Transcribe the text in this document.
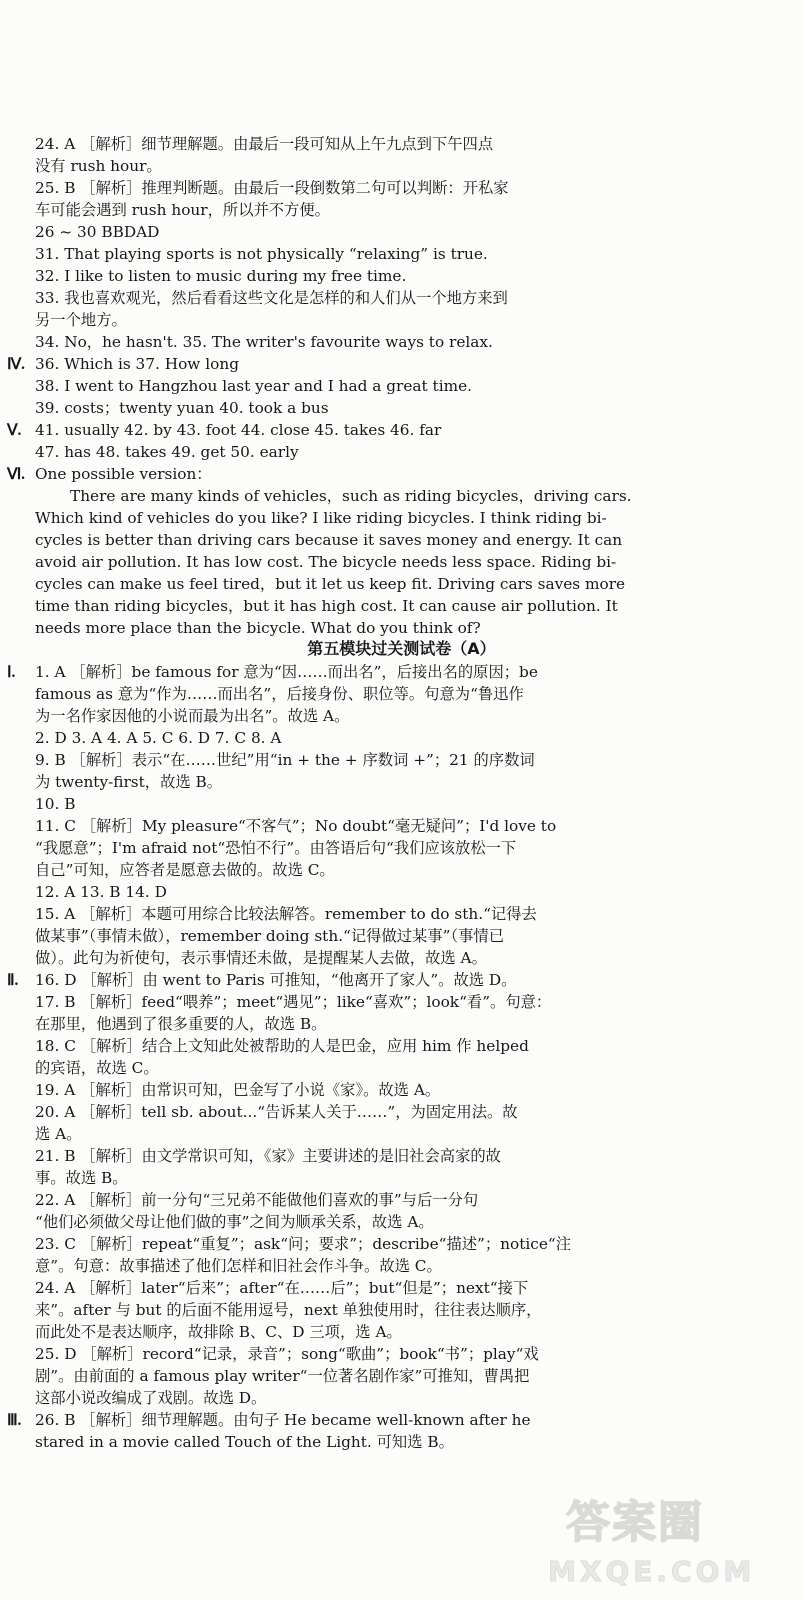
24. A ［解析］细节理解题。由最后一段可知从上午九点到下午四点
没有 rush hour。
25. B ［解析］推理判断题。由最后一段倒数第二句可以判断：开私家
车可能会遇到 rush hour，所以并不方便。
26 ~ 30 BBDAD
31. That playing sports is not physically “relaxing” is true.
32. I like to listen to music during my free time.
33. 我也喜欢观光，然后看看这些文化是怎样的和人们从一个地方来到
另一个地方。
34. No，he hasn't. 35. The writer's favourite ways to relax.
Ⅳ. 36. Which is 37. How long
38. I went to Hangzhou last year and I had a great time.
39. costs；twenty yuan 40. took a bus
Ⅴ. 41. usually 42. by 43. foot 44. close 45. takes 46. far
47. has 48. takes 49. get 50. early
Ⅵ. One possible version：
There are many kinds of vehicles，such as riding bicycles，driving cars.
Which kind of vehicles do you like? I like riding bicycles. I think riding bi-
cycles is better than driving cars because it saves money and energy. It can
avoid air pollution. It has low cost. The bicycle needs less space. Riding bi-
cycles can make us feel tired，but it let us keep fit. Driving cars saves more
time than riding bicycles，but it has high cost. It can cause air pollution. It
needs more place than the bicycle. What do you think of?
第五模块过关测试卷（A）
Ⅰ. 1. A ［解析］be famous for 意为“因……而出名”，后接出名的原因；be
famous as 意为“作为……而出名”，后接身份、职位等。句意为“鲁迅作
为一名作家因他的小说而最为出名”。故选 A。
2. D 3. A 4. A 5. C 6. D 7. C 8. A
9. B ［解析］表示“在……世纪”用“in + the + 序数词 +”；21 的序数词
为 twenty-first，故选 B。
10. B
11. C ［解析］My pleasure“不客气”；No doubt“毫无疑问”；I'd love to
“我愿意”；I'm afraid not“恐怕不行”。由答语后句“我们应该放松一下
自己”可知，应答者是愿意去做的。故选 C。
12. A 13. B 14. D
15. A ［解析］本题可用综合比较法解答。remember to do sth.“记得去
做某事”（事情未做），remember doing sth.“记得做过某事”（事情已
做）。此句为祈使句，表示事情还未做，是提醒某人去做，故选 A。
Ⅱ. 16. D ［解析］由 went to Paris 可推知，“他离开了家人”。故选 D。
17. B ［解析］feed“喂养”；meet“遇见”；like“喜欢”；look“看”。句意：
在那里，他遇到了很多重要的人，故选 B。
18. C ［解析］结合上文知此处被帮助的人是巴金，应用 him 作 helped
的宾语，故选 C。
19. A ［解析］由常识可知，巴金写了小说《家》。故选 A。
20. A ［解析］tell sb. about...“告诉某人关于……”，为固定用法。故
选 A。
21. B ［解析］由文学常识可知，《家》主要讲述的是旧社会高家的故
事。故选 B。
22. A ［解析］前一分句“三兄弟不能做他们喜欢的事”与后一分句
“他们必须做父母让他们做的事”之间为顺承关系，故选 A。
23. C ［解析］repeat“重复”；ask“问；要求”；describe“描述”；notice“注
意”。句意：故事描述了他们怎样和旧社会作斗争。故选 C。
24. A ［解析］later“后来”；after“在……后”；but“但是”；next“接下
来”。after 与 but 的后面不能用逗号，next 单独使用时，往往表达顺序，
而此处不是表达顺序，故排除 B、C、D 三项，选 A。
25. D ［解析］record“记录，录音”；song“歌曲”；book“书”；play“戏
剧”。由前面的 a famous play writer“一位著名剧作家”可推知，曹禺把
这部小说改编成了戏剧。故选 D。
Ⅲ. 26. B ［解析］细节理解题。由句子 He became well-known after he
stared in a movie called Touch of the Light. 可知选 B。
答案圈
MXQE.COM
